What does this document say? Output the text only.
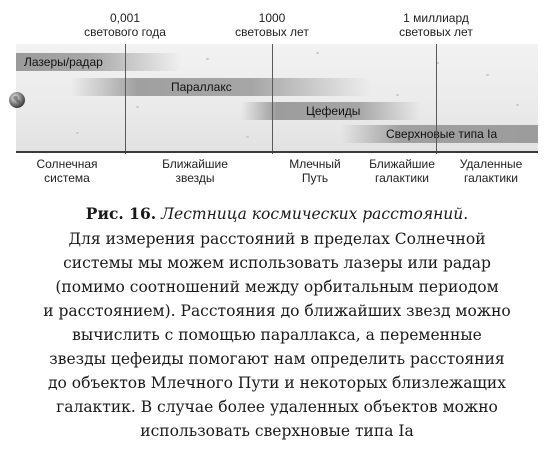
0,001
светового года
1000
световых лет
1 миллиард
световых лет
Лазеры/радар
Параллакс
Цефеиды
Сверхновые типа Ia
Солнечная
система
Ближайшие
звезды
Млечный
Путь
Ближайшие
галактики
Удаленные
галактики
Рис. 16. Лестница космических расстояний.
Для измерения расстояний в пределах Солнечной
системы мы можем использовать лазеры или радар
(помимо соотношений между орбитальным периодом
и расстоянием). Расстояния до ближайших звезд можно
вычислить с помощью параллакса, а переменные
звезды цефеиды помогают нам определить расстояния
до объектов Млечного Пути и некоторых близлежащих
галактик. В случае более удаленных объектов можно
использовать сверхновые типа Ia
